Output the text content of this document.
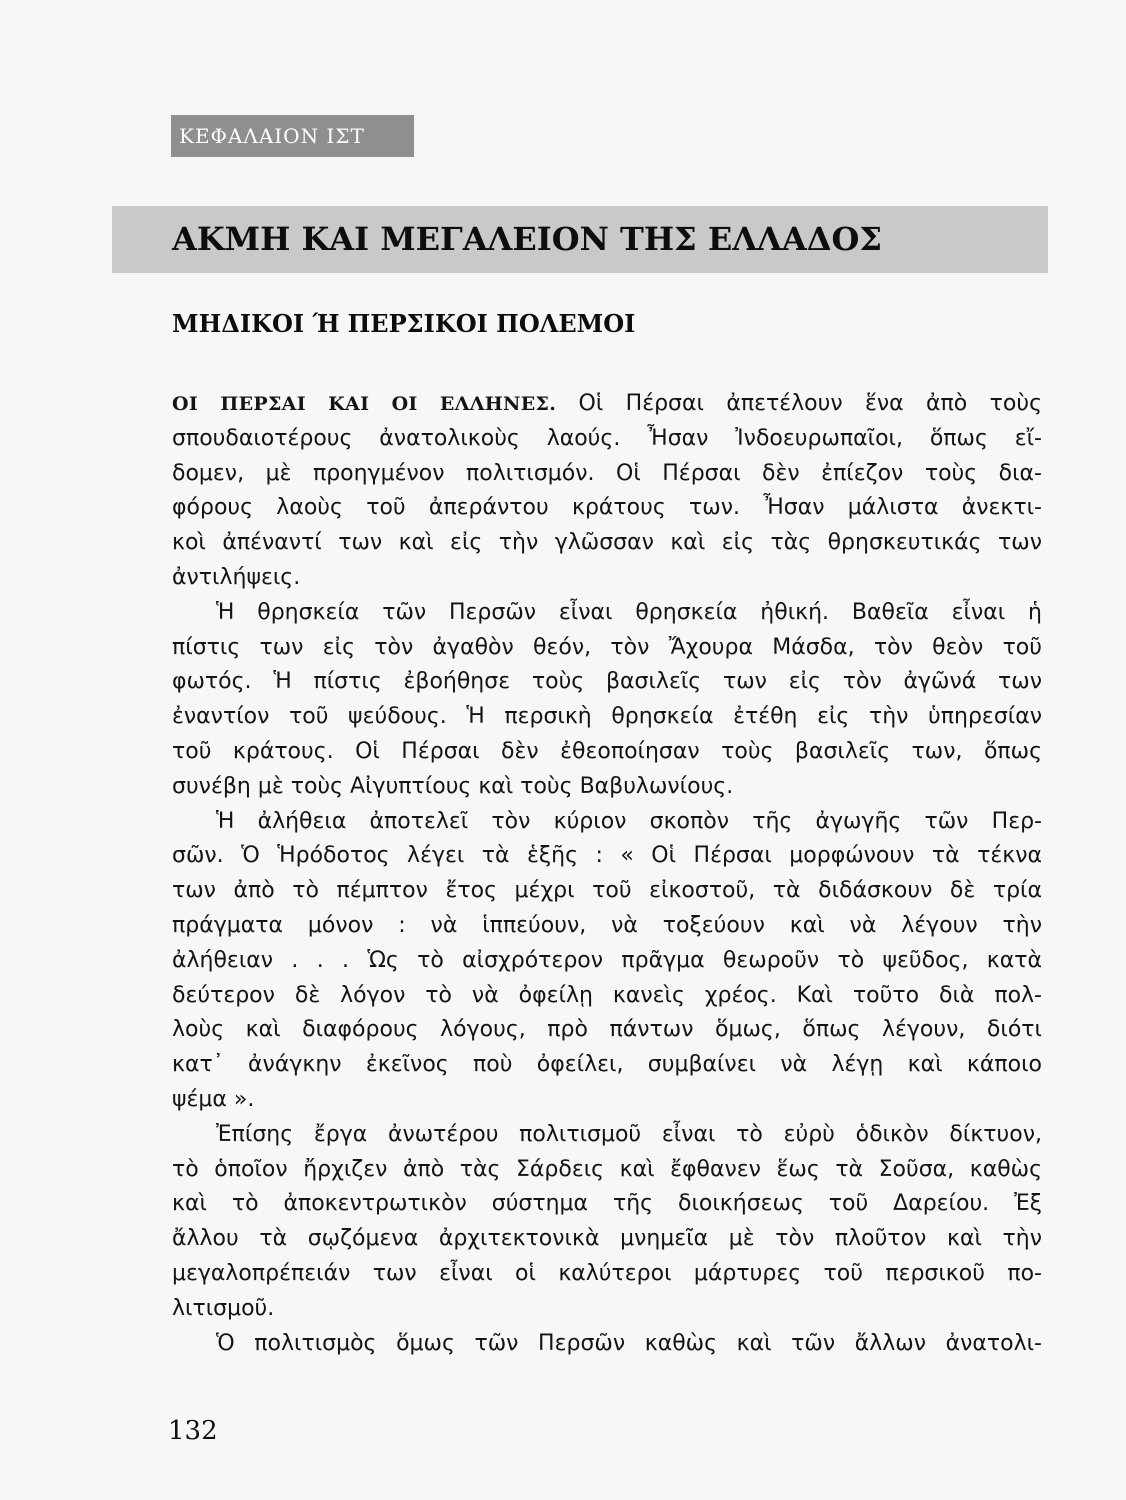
ΚΕΦΑΛΑΙΟΝ ΙΣΤ
ΑΚΜΗ ΚΑΙ ΜΕΓΑΛΕΙΟΝ ΤΗΣ ΕΛΛΑΔΟΣ
ΜΗΔΙΚΟΙ Ή ΠΕΡΣΙΚΟΙ ΠΟΛΕΜΟΙ
ΟΙ ΠΕΡΣΑΙ ΚΑΙ ΟΙ ΕΛΛΗΝΕΣ. Οἱ Πέρσαι ἀπετέλουν ἕνα ἀπὸ τοὺς
σπουδαιοτέρους ἀνατολικοὺς λαούς. Ἦσαν Ἰνδοευρωπαῖοι, ὅπως εἴ-
δομεν, μὲ προηγμένον πολιτισμόν. Οἱ Πέρσαι δὲν ἐπίεζον τοὺς δια-
φόρους λαοὺς τοῦ ἀπεράντου κράτους των. Ἦσαν μάλιστα ἀνεκτι-
κοὶ ἀπέναντί των καὶ εἰς τὴν γλῶσσαν καὶ εἰς τὰς θρησκευτικάς των
ἀντιλήψεις.
Ἡ θρησκεία τῶν Περσῶν εἶναι θρησκεία ἠθική. Βαθεῖα εἶναι ἡ
πίστις των εἰς τὸν ἀγαθὸν θεόν, τὸν Ἄχουρα Μάσδα, τὸν θεὸν τοῦ
φωτός. Ἡ πίστις ἐβοήθησε τοὺς βασιλεῖς των εἰς τὸν ἀγῶνά των
ἐναντίον τοῦ ψεύδους. Ἡ περσικὴ θρησκεία ἐτέθη εἰς τὴν ὑπηρεσίαν
τοῦ κράτους. Οἱ Πέρσαι δὲν ἐθεοποίησαν τοὺς βασιλεῖς των, ὅπως
συνέβη μὲ τοὺς Αἰγυπτίους καὶ τοὺς Βαβυλωνίους.
Ἡ ἀλήθεια ἀποτελεῖ τὸν κύριον σκοπὸν τῆς ἀγωγῆς τῶν Περ-
σῶν. Ὁ Ἡρόδοτος λέγει τὰ ἑξῆς : « Οἱ Πέρσαι μορφώνουν τὰ τέκνα
των ἀπὸ τὸ πέμπτον ἔτος μέχρι τοῦ εἰκοστοῦ, τὰ διδάσκουν δὲ τρία
πράγματα μόνον : νὰ ἱππεύουν, νὰ τοξεύουν καὶ νὰ λέγουν τὴν
ἀλήθειαν . . . Ὡς τὸ αἰσχρότερον πρᾶγμα θεωροῦν τὸ ψεῦδος, κατὰ
δεύτερον δὲ λόγον τὸ νὰ ὀφείλῃ κανεὶς χρέος. Καὶ τοῦτο διὰ πολ-
λοὺς καὶ διαφόρους λόγους, πρὸ πάντων ὅμως, ὅπως λέγουν, διότι
κατ᾽ ἀνάγκην ἐκεῖνος ποὺ ὀφείλει, συμβαίνει νὰ λέγῃ καὶ κάποιο
ψέμα ».
Ἐπίσης ἔργα ἀνωτέρου πολιτισμοῦ εἶναι τὸ εὐρὺ ὁδικὸν δίκτυον,
τὸ ὁποῖον ἤρχιζεν ἀπὸ τὰς Σάρδεις καὶ ἔφθανεν ἕως τὰ Σοῦσα, καθὼς
καὶ τὸ ἀποκεντρωτικὸν σύστημα τῆς διοικήσεως τοῦ Δαρείου. Ἐξ
ἄλλου τὰ σῳζόμενα ἀρχιτεκτονικὰ μνημεῖα μὲ τὸν πλοῦτον καὶ τὴν
μεγαλοπρέπειάν των εἶναι οἱ καλύτεροι μάρτυρες τοῦ περσικοῦ πο-
λιτισμοῦ.
Ὁ πολιτισμὸς ὅμως τῶν Περσῶν καθὼς καὶ τῶν ἄλλων ἀνατολι-
132
